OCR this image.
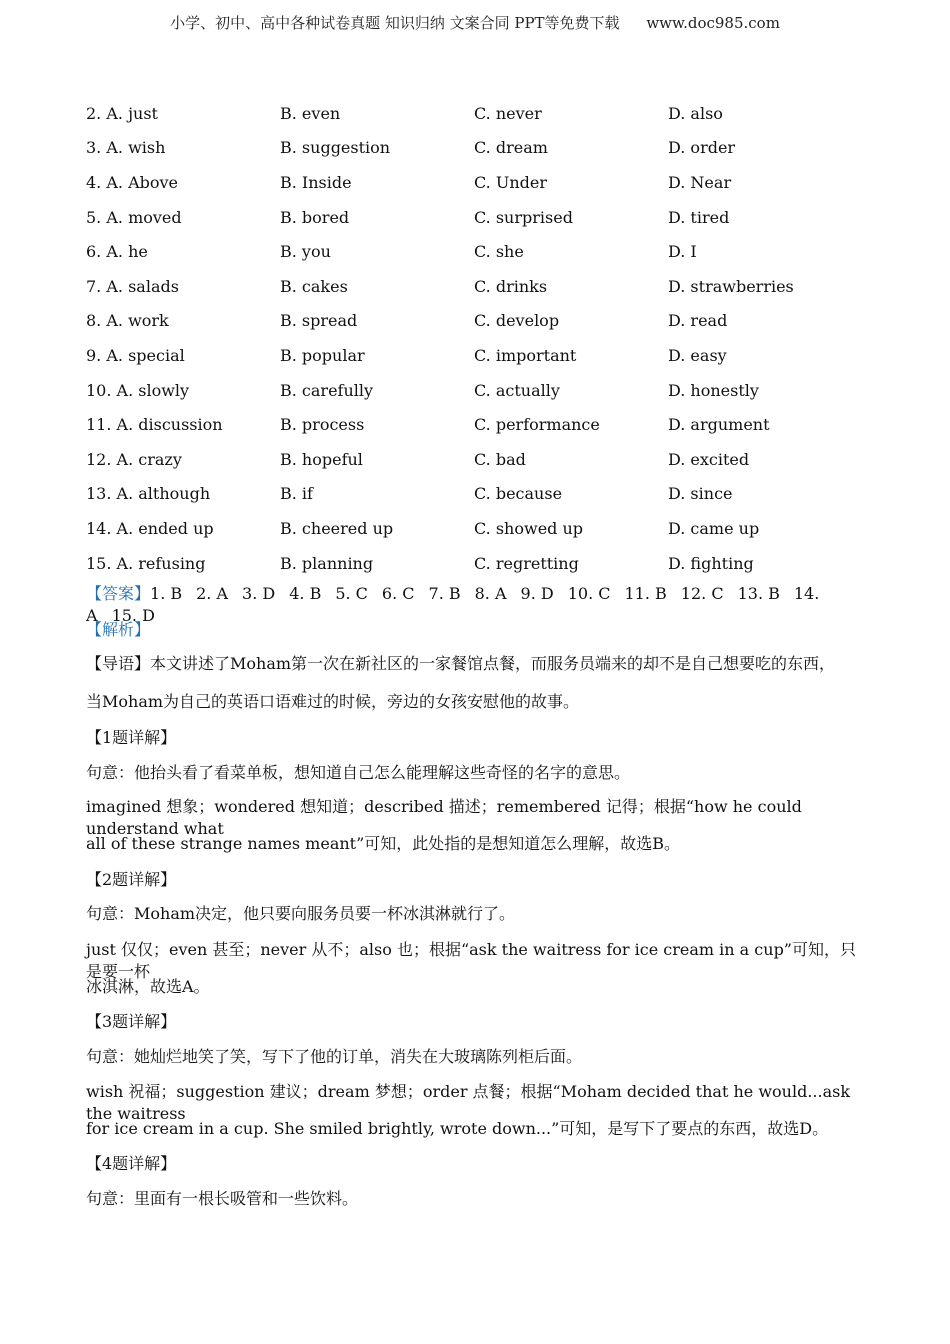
小学、初中、高中各种试卷真题 知识归纳 文案合同 PPT等免费下载 www.doc985.com
2. A. just	B. even	C. never	D. also
3. A. wish	B. suggestion	C. dream	D. order
4. A. Above	B. Inside	C. Under	D. Near
5. A. moved	B. bored	C. surprised	D. tired
6. A. he	B. you	C. she	D. I
7. A. salads	B. cakes	C. drinks	D. strawberries
8. A. work	B. spread	C. develop	D. read
9. A. special	B. popular	C. important	D. easy
10. A. slowly	B. carefully	C. actually	D. honestly
11. A. discussion	B. process	C. performance	D. argument
12. A. crazy	B. hopeful	C. bad	D. excited
13. A. although	B. if	C. because	D. since
14. A. ended up	B. cheered up	C. showed up	D. came up
15. A. refusing	B. planning	C. regretting	D. fighting
【答案】1. B 2. A 3. D 4. B 5. C 6. C 7. B 8. A 9. D 10. C 11. B 12. C 13. B 14. A 15. D
【解析】
【导语】本文讲述了Moham第一次在新社区的一家餐馆点餐，而服务员端来的却不是自己想要吃的东西，
当Moham为自己的英语口语难过的时候，旁边的女孩安慰他的故事。
【1题详解】
句意：他抬头看了看菜单板，想知道自己怎么能理解这些奇怪的名字的意思。
imagined 想象；wondered 想知道；described 描述；remembered 记得；根据“how he could understand what
all of these strange names meant”可知，此处指的是想知道怎么理解，故选B。
【2题详解】
句意：Moham决定，他只要向服务员要一杯冰淇淋就行了。
just 仅仅；even 甚至；never 从不；also 也；根据“ask the waitress for ice cream in a cup”可知，只是要一杯
冰淇淋，故选A。
【3题详解】
句意：她灿烂地笑了笑，写下了他的订单，消失在大玻璃陈列柜后面。
wish 祝福；suggestion 建议；dream 梦想；order 点餐；根据“Moham decided that he would...ask the waitress
for ice cream in a cup. She smiled brightly, wrote down...”可知，是写下了要点的东西，故选D。
【4题详解】
句意：里面有一根长吸管和一些饮料。
